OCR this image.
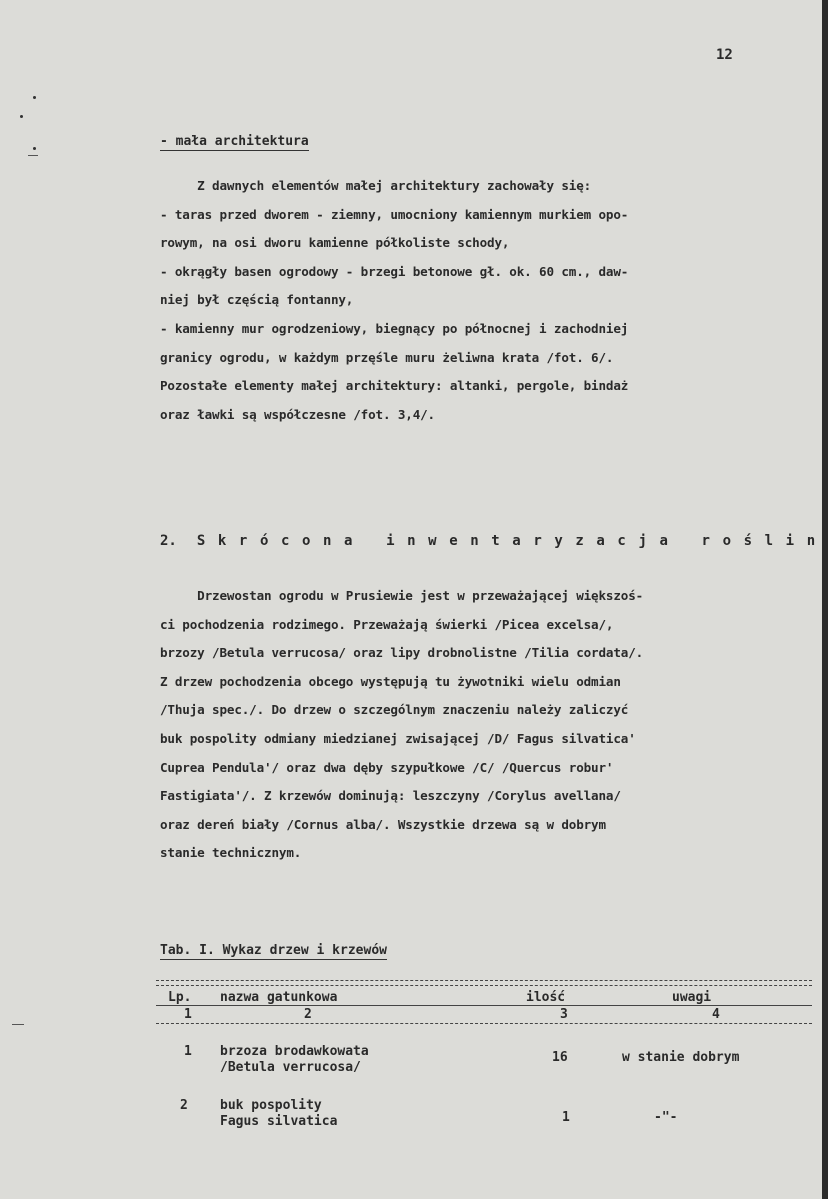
12
- mała architektura
Z dawnych elementów małej architektury zachowały się:
- taras przed dworem - ziemny, umocniony kamiennym murkiem opo-
rowym, na osi dworu kamienne półkoliste schody,
- okrągły basen ogrodowy - brzegi betonowe gł. ok. 60 cm., daw-
niej był częścią fontanny,
- kamienny mur ogrodzeniowy, biegnący po północnej i zachodniej
granicy ogrodu, w każdym przęśle muru żeliwna krata /fot. 6/.
Pozostałe elementy małej architektury: altanki, pergole, bindaż
oraz ławki są współczesne /fot. 3,4/.
2. Skrócona inwentaryzacja roślin
Drzewostan ogrodu w Prusiewie jest w przeważającej większoś-
ci pochodzenia rodzimego. Przeważają świerki /Picea excelsa/,
brzozy /Betula verrucosa/ oraz lipy drobnolistne /Tilia cordata/.
Z drzew pochodzenia obcego występują tu żywotniki wielu odmian
/Thuja spec./. Do drzew o szczególnym znaczeniu należy zaliczyć
buk pospolity odmiany miedzianej zwisającej /D/ Fagus silvatica'
Cuprea Pendula'/ oraz dwa dęby szypułkowe /C/ /Quercus robur'
Fastigiata'/. Z krzewów dominują: leszczyny /Corylus avellana/
oraz dereń biały /Cornus alba/. Wszystkie drzewa są w dobrym
stanie technicznym.
Tab. I. Wykaz drzew i krzewów
Lp. nazwa gatunkowa	ilość	uwagi
1	2	3	4
1 brzoza brodawkowata
/Betula verrucosa/
16	w stanie dobrym
2 buk pospolity
Fagus silvatica	1	-"-
